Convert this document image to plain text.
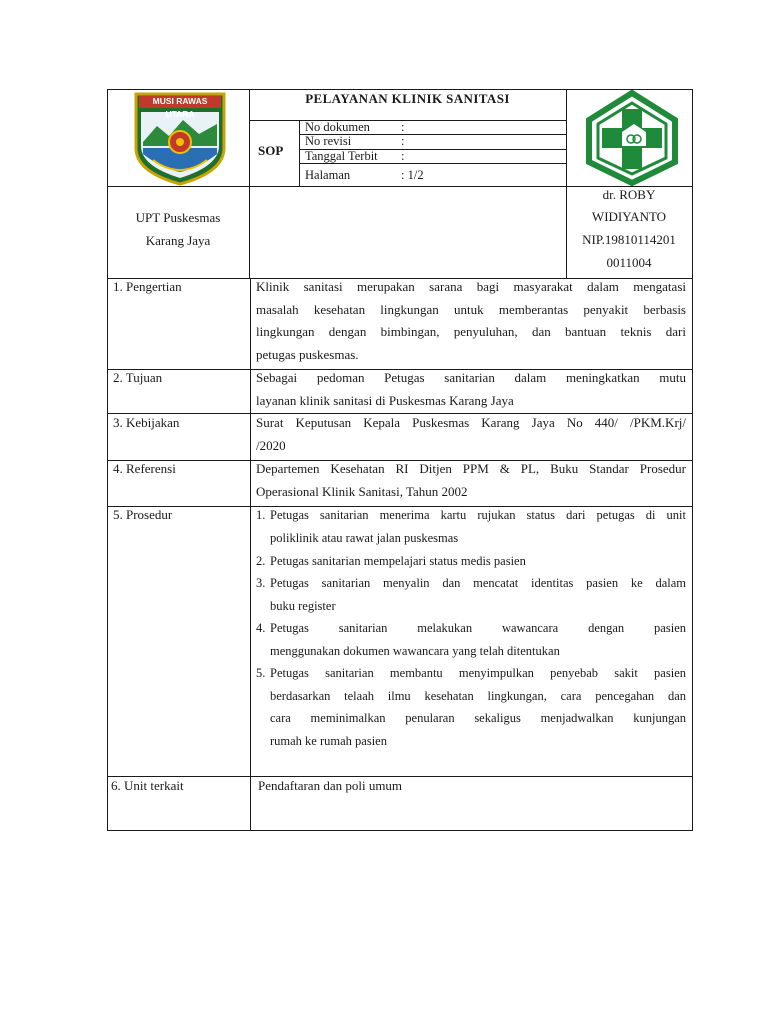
MUSI RAWAS UTARA
PELAYANAN KLINIK SANITASI
SOP
No dokumen :
No revisi	:
Tanggal Terbit :
Halaman	: 1/2
UPT Puskesmas
Karang Jaya
dr. ROBY
WIDIYANTO
NIP.19810114201
0011004
1. Pengertian	Klinik sanitasi merupakan sarana bagi masyarakat dalam mengatasi
masalah kesehatan lingkungan untuk memberantas penyakit berbasis
lingkungan dengan bimbingan, penyuluhan, dan bantuan teknis dari
petugas puskesmas.
2. Tujuan	Sebagai pedoman Petugas sanitarian dalam meningkatkan mutu
layanan klinik sanitasi di Puskesmas Karang Jaya
3. Kebijakan	Surat Keputusan Kepala Puskesmas Karang Jaya No 440/ /PKM.Krj/
/2020
4. Referensi	Departemen Kesehatan RI Ditjen PPM & PL, Buku Standar Prosedur
Operasional Klinik Sanitasi, Tahun 2002
5. Prosedur	1. Petugas sanitarian menerima kartu rujukan status dari petugas di unit
poliklinik atau rawat jalan puskesmas
2. Petugas sanitarian mempelajari status medis pasien
3. Petugas sanitarian menyalin dan mencatat identitas pasien ke dalam
buku register
4. Petugas sanitarian melakukan wawancara dengan pasien
menggunakan dokumen wawancara yang telah ditentukan
5. Petugas sanitarian membantu menyimpulkan penyebab sakit pasien
berdasarkan telaah ilmu kesehatan lingkungan, cara pencegahan dan
cara meminimalkan penularan sekaligus menjadwalkan kunjungan
rumah ke rumah pasien
6. Unit terkait	Pendaftaran dan poli umum
